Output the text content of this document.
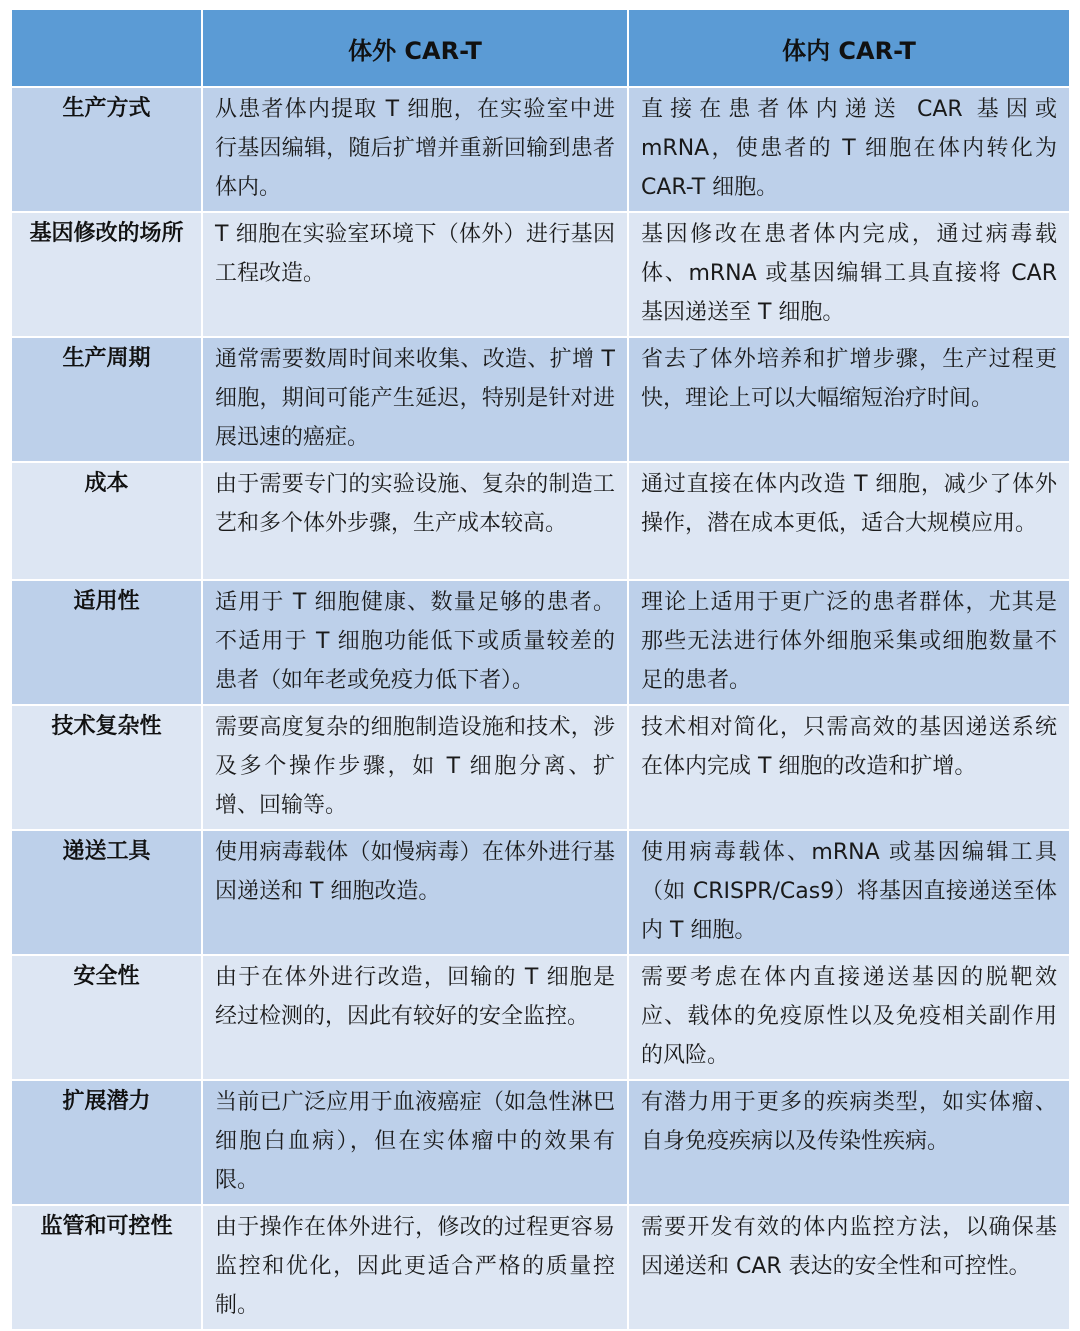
	体外 CAR-T	体内 CAR-T
生产方式	从患者体内提取 T 细胞，在实验室中进行基因编辑，随后扩增并重新回输到患者体内。	直接在患者体内递送 CAR 基因或 mRNA，使患者的 T 细胞在体内转化为 CAR-T 细胞。
基因修改的场所	T 细胞在实验室环境下（体外）进行基因工程改造。	基因修改在患者体内完成，通过病毒载体、mRNA 或基因编辑工具直接将 CAR 基因递送至 T 细胞。
生产周期	通常需要数周时间来收集、改造、扩增 T 细胞，期间可能产生延迟，特别是针对进展迅速的癌症。	省去了体外培养和扩增步骤，生产过程更快，理论上可以大幅缩短治疗时间。
成本	由于需要专门的实验设施、复杂的制造工艺和多个体外步骤，生产成本较高。	通过直接在体内改造 T 细胞，减少了体外操作，潜在成本更低，适合大规模应用。
适用性	适用于 T 细胞健康、数量足够的患者。不适用于 T 细胞功能低下或质量较差的患者（如年老或免疫力低下者）。	理论上适用于更广泛的患者群体，尤其是那些无法进行体外细胞采集或细胞数量不足的患者。
技术复杂性	需要高度复杂的细胞制造设施和技术，涉及多个操作步骤，如 T 细胞分离、扩增、回输等。	技术相对简化，只需高效的基因递送系统在体内完成 T 细胞的改造和扩增。
递送工具	使用病毒载体（如慢病毒）在体外进行基因递送和 T 细胞改造。	使用病毒载体、mRNA 或基因编辑工具（如 CRISPR/Cas9）将基因直接递送至体内 T 细胞。
安全性	由于在体外进行改造，回输的 T 细胞是经过检测的，因此有较好的安全监控。	需要考虑在体内直接递送基因的脱靶效应、载体的免疫原性以及免疫相关副作用的风险。
扩展潜力	当前已广泛应用于血液癌症（如急性淋巴细胞白血病），但在实体瘤中的效果有限。	有潜力用于更多的疾病类型，如实体瘤、自身免疫疾病以及传染性疾病。
监管和可控性	由于操作在体外进行，修改的过程更容易监控和优化，因此更适合严格的质量控制。	需要开发有效的体内监控方法，以确保基因递送和 CAR 表达的安全性和可控性。
